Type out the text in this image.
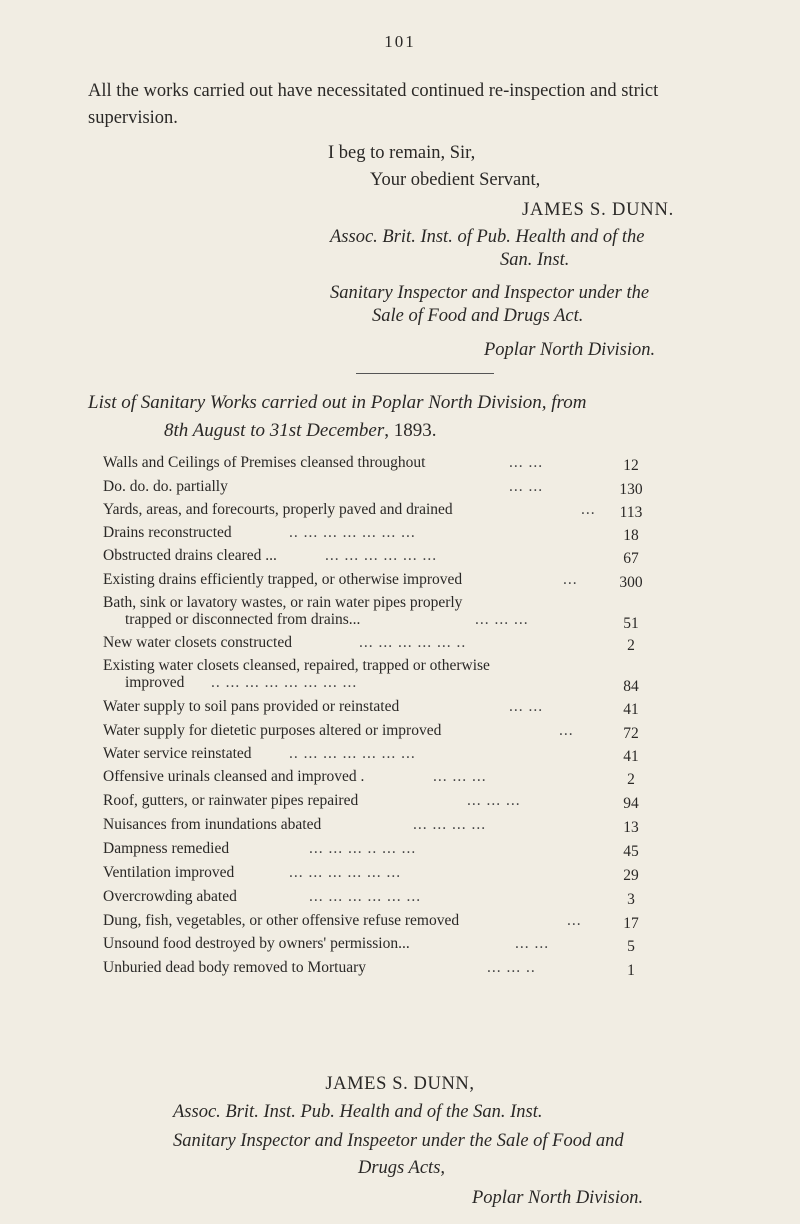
101
All the works carried out have necessitated continued re-inspection and strict supervision.
I beg to remain, Sir,
Your obedient Servant,
JAMES S. DUNN.
Assoc. Brit. Inst. of Pub. Health and of the
San. Inst.
Sanitary Inspector and Inspector under the
Sale of Food and Drugs Act.
Poplar North Division.
List of Sanitary Works carried out in Poplar North Division, from
8th August to 31st December, 1893.
Walls and Ceilings of Premises cleansed throughout	... ...	12
Do. do. do. partially	... ...	130
Yards, areas, and forecourts, properly paved and drained	...	113
Drains reconstructed	.. ... ... ... ... ... ...	18
Obstructed drains cleared ...	... ... ... ... ... ...	67
Existing drains efficiently trapped, or otherwise improved	...	300
Bath, sink or lavatory wastes, or rain water pipes properly
trapped or disconnected from drains...	... ... ...	51
New water closets constructed	... ... ... ... ... ..	2
Existing water closets cleansed, repaired, trapped or otherwise
improved .. ... ... ... ... ... ... ...	84
Water supply to soil pans provided or reinstated	... ...	41
Water supply for dietetic purposes altered or improved	...	72
Water service reinstated .. ... ... ... ... ... ...	41
Offensive urinals cleansed and improved .	... ... ...	2
Roof, gutters, or rainwater pipes repaired	... ... ...	94
Nuisances from inundations abated	... ... ... ...	13
Dampness remedied	... ... ... .. ... ...	45
Ventilation improved	... ... ... ... ... ...	29
Overcrowding abated	... ... ... ... ... ...	3
Dung, fish, vegetables, or other offensive refuse removed	...	17
Unsound food destroyed by owners' permission...	... ...	5
Unburied dead body removed to Mortuary	... ... ..	1
JAMES S. DUNN,
Assoc. Brit. Inst. Pub. Health and of the San. Inst.
Sanitary Inspector and Inspeetor under the Sale of Food and
Drugs Acts,
Poplar North Division.
